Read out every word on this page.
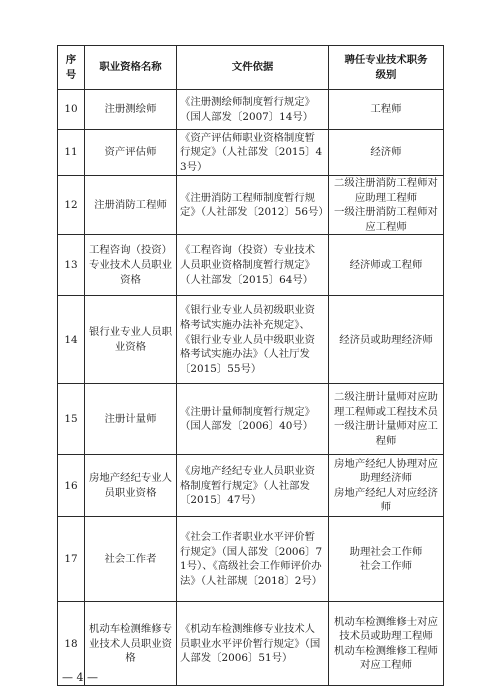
序号	职业资格名称	文件依据	聘任专业技术职务级别
10	注册测绘师	《注册测绘师制度暂行规定》（国人部发〔2007〕14号）	工程师
11	资产评估师	《资产评估师职业资格制度暂行规定》（人社部发〔2015〕43号）	经济师
12	注册消防工程师	《注册消防工程师制度暂行规定》（人社部发〔2012〕56号）	二级注册消防工程师对应助理工程师
一级注册消防工程师对应工程师
13	工程咨询（投资）专业技术人员职业资格	《工程咨询（投资）专业技术人员职业资格制度暂行规定》（人社部发〔2015〕64号）	经济师或工程师
14	银行业专业人员职业资格	《银行业专业人员初级职业资格考试实施办法补充规定》、《银行业专业人员中级职业资格考试实施办法》（人社厅发〔2015〕55号）	经济员或助理经济师
15	注册计量师	《注册计量师制度暂行规定》（国人部发〔2006〕40号）	二级注册计量师对应助理工程师或工程技术员
一级注册计量师对应工程师
16	房地产经纪专业人员职业资格	《房地产经纪专业人员职业资格制度暂行规定》（人社部发〔2015〕47号）	房地产经纪人协理对应助理经济师
房地产经纪人对应经济师
17	社会工作者	《社会工作者职业水平评价暂行规定》（国人部发〔2006〕71号）、《高级社会工作师评价办法》（人社部规〔2018〕2号）	助理社会工作师
社会工作师
18	机动车检测维修专业技术人员职业资格	《机动车检测维修专业技术人员职业水平评价暂行规定》（国人部发〔2006〕51号）	机动车检测维修士对应技术员或助理工程师
机动车检测维修工程师对应工程师
— 4 —
